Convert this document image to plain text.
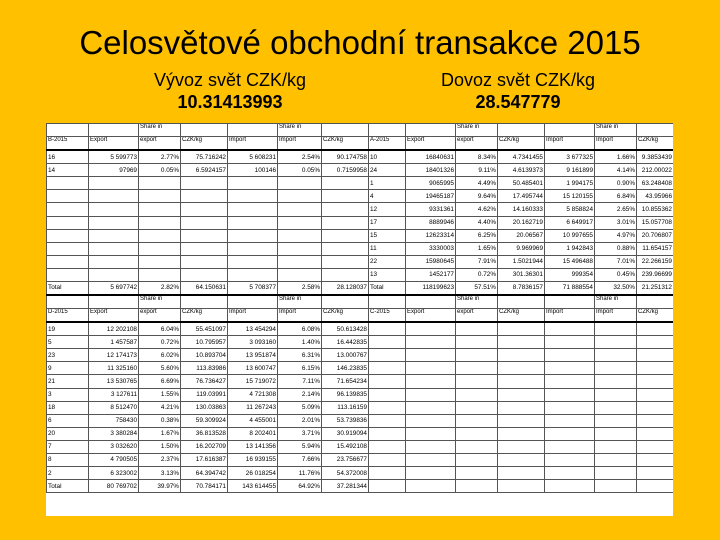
Celosvětové obchodní transakce 2015
Vývoz svět CZK/kg
10.31413993
Dovoz svět CZK/kg
28.547779
		Share in			Share in				Share in			Share in	
B-2015	Export	export	CZK/kg	Import	Import	CZK/kg	A-2015	Export	export	CZK/kg	Import	Import	CZK/kg
16	5 599773	2.77%	75.716242	5 608231	2.54%	90.174758	10	16840631	8.34%	4.7341455	3 677325	1.66%	9.3853439
14	97969	0.05%	6.5924157	100146	0.05%	0.7159958	24	18401326	9.11%	4.6139373	9 161899	4.14%	212.00022
							1	9065995	4.49%	50.485401	1 994175	0.90%	63.248408
							4	19465187	9.64%	17.495744	15 120155	6.84%	43.95966
							12	9331361	4.62%	14.160333	5 858824	2.65%	10.855362
							17	8889946	4.40%	20.162719	6 649917	3.01%	15.057708
							15	12623314	6.25%	20.06567	10 997655	4.97%	20.706807
							11	3330003	1.65%	9.969969	1 942843	0.88%	11.654157
							22	15980645	7.91%	1.5021944	15 496488	7.01%	22.266159
							13	1452177	0.72%	301.36301	999354	0.45%	239.96699
Total	5 697742	2.82%	64.150631	5 708377	2.58%	28.128037	Total	118199623	57.51%	8.7836157	71 888554	32.50%	21.251312
		Share in			Share in				Share in			Share in	
D-2015	Export	export	CZK/kg	Import	Import	CZK/kg	C-2015	Export	export	CZK/kg	Import	Import	CZK/kg
19	12 202108	6.04%	55.451097	13 454294	6.08%	50.613428							
5	1 457587	0.72%	10.795957	3 093160	1.40%	16.442835							
23	12 174173	6.02%	10.893704	13 951874	6.31%	13.000767							
9	11 325160	5.60%	113.83986	13 600747	6.15%	146.23835							
21	13 530765	6.69%	76.736427	15 719072	7.11%	71.654234							
3	3 127611	1.55%	119.03991	4 721308	2.14%	96.139835							
18	8 512470	4.21%	130.03863	11 267243	5.09%	113.16159							
6	758430	0.38%	59.309924	4 455001	2.01%	53.739836							
20	3 380284	1.67%	36.813528	8 202401	3.71%	30.919094							
7	3 032620	1.50%	16.202709	13 141356	5.94%	15.492108							
8	4 790505	2.37%	17.616387	16 939155	7.66%	23.756677							
2	6 323002	3.13%	64.394742	26 018254	11.76%	54.372008							
Total	80 769702	39.97%	70.784171	143 614455	64.92%	37.281344							
